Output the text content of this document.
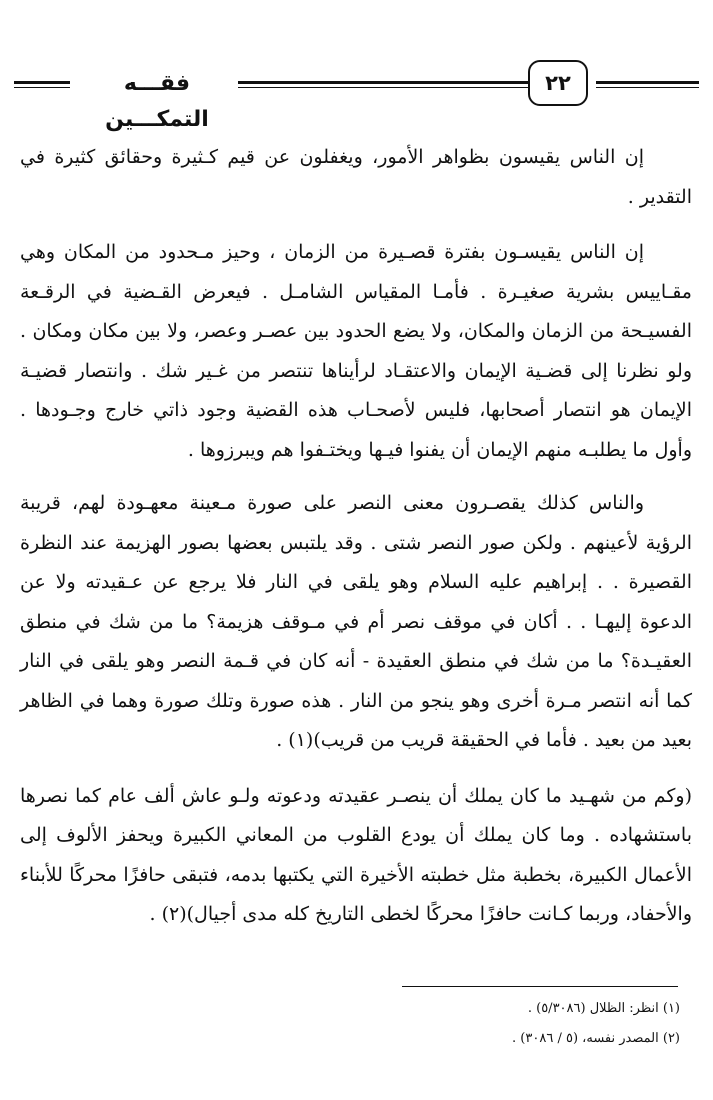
فقـــه التمكـــين
٢٢

إن الناس يقيسون بظواهر الأمور، ويغفلون عن قيم كـثيرة وحقائق كثيرة في التقدير .

إن الناس يقيسـون بفترة قصـيرة من الزمان ، وحيز مـحدود من المكان وهي مقـاييس بشرية صغيـرة . فأمـا المقياس الشامـل . فيعرض القـضية في الرقـعة الفسيـحة من الزمان والمكان، ولا يضع الحدود بين عصـر وعصر، ولا بين مكان ومكان . ولو نظرنا إلى قضـية الإيمان والاعتقـاد لرأيناها تنتصر من غـير شك . وانتصار قضيـة الإيمان هو انتصار أصحابها، فليس لأصحـاب هذه القضية وجود ذاتي خارج وجـودها . وأول ما يطلبـه منهم الإيمان أن يفنوا فيـها ويختـفوا هم ويبرزوها .

والناس كذلك يقصـرون معنى النصر على صورة مـعينة معهـودة لهم، قريبة الرؤية لأعينهم . ولكن صور النصر شتى . وقد يلتبس بعضها بصور الهزيمة عند النظرة القصيرة . . إبراهيم عليه السلام وهو يلقى في النار فلا يرجع عن عـقيدته ولا عن الدعوة إليهـا . . أكان في موقف نصر أم في مـوقف هزيمة؟ ما من شك في منطق العقيـدة؟ ما من شك في منطق العقيدة - أنه كان في قـمة النصر وهو يلقى في النار كما أنه انتصر مـرة أخرى وهو ينجو من النار . هذه صورة وتلك صورة وهما في الظاهر بعيد من بعيد . فأما في الحقيقة قريب من قريب)(١) .

(وكم من شهـيد ما كان يملك أن ينصـر عقيدته ودعوته ولـو عاش ألف عام كما نصرها باستشهاده . وما كان يملك أن يودع القلوب من المعاني الكبيرة ويحفز الألوف إلى الأعمال الكبيرة، بخطبة مثل خطبته الأخيرة التي يكتبها بدمه، فتبقى حافزًا محركًا للأبناء والأحفاد، وربما كـانت حافزًا محركًا لخطى التاريخ كله مدى أجيال)(٢) .

(١) انظر: الظلال (٥/٣٠٨٦) .

(٢) المصدر نفسه، (٥ / ٣٠٨٦) .
